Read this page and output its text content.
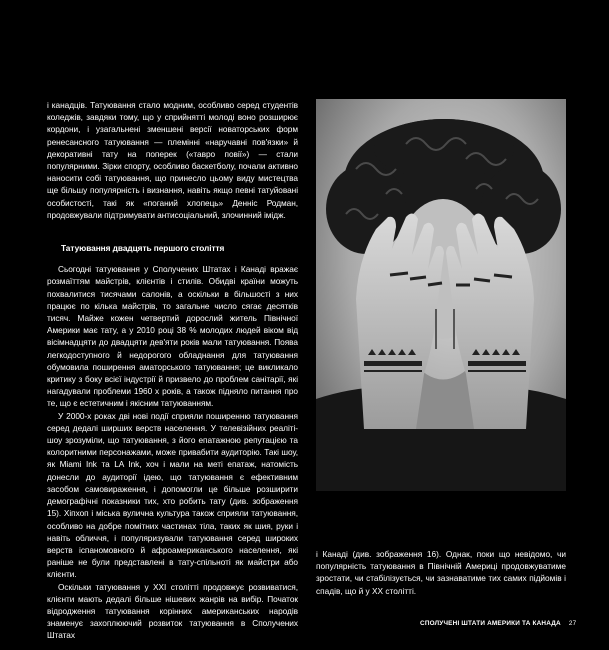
і канадців. Татуювання стало модним, особливо серед студентів коледжів, завдяки тому, що у сприйнятті молоді воно розширює кордони, і узагальнені зменшені версії новаторських форм ренесансного татуювання — племінні «наручавні пов'язки» й декоративні тату на поперек («тавро повії») — стали популярними. Зірки спорту, особливо баскетболу, почали активно наносити собі татуювання, що принесло цьому виду мистецтва ще більшу популярність і визнання, навіть якщо певні татуйовані особистості, такі як «поганий хлопець» Денніс Родман, продовжували підтримувати антисоціальний, злочинний імідж.

Татуювання двадцять першого століття

Сьогодні татуювання у Сполучених Штатах і Канаді вражає розмаїттям майстрів, клієнтів і стилів. Обидві країни можуть похвалитися тисячами салонів, а оскільки в більшості з них працює по кілька майстрів, то загальне число сягає десятків тисяч. Майже кожен четвертий дорослий житель Північної Америки має тату, а у 2010 році 38 % молодих людей віком від вісімнадцяти до двадцяти дев'яти років мали татуювання. Поява легкодоступного й недорогого обладнання для татуювання обумовила поширення аматорського татуювання; це викликало критику з боку всієї індустрії й призвело до проблем санітарії, які нагадували проблеми 1960 х років, а також підняло питання про те, що є естетичним і якісним татуюванням.

У 2000-х роках дві нові події сприяли поширенню татуювання серед дедалі ширших верств населення. У телевізійних реаліті-шоу зрозуміли, що татуювання, з його епатажною репутацією та колоритними персонажами, може привабити аудиторію. Такі шоу, як Miami Ink та LA Ink, хоч і мали на меті епатаж, натомість донесли до аудиторії ідею, що татуювання є ефективним засобом самовираження, і допомогли це більше розширити демографічні показники тих, хто робить тату (див. зображення 15). Хіпхоп і міська вулична культура також сприяли татуювання, особливо на добре помітних частинах тіла, таких як шия, руки і навіть обличчя, і популяризували татуювання серед широких верств іспаномовного й афроамериканського населення, які раніше не були представлені в тату-спільноті як майстри або клієнти.

Оскільки татуювання у XXI столітті продовжує розвиватися, клієнти мають дедалі більше нішевих жанрів на вибір. Початок відродження татуювання корінних американських народів знаменує захоплюючий розвиток татуювання в Сполучених Штатах

і Канаді (див. зображення 16). Однак, поки що невідомо, чи популярність татуювання в Північній Америці продовжуватиме зростати, чи стабілізується, чи зазнаватиме тих самих підйомів і спадів, що й у XX столітті.

СПОЛУЧЕНІ ШТАТИ АМЕРИКИ ТА КАНАДА 27
